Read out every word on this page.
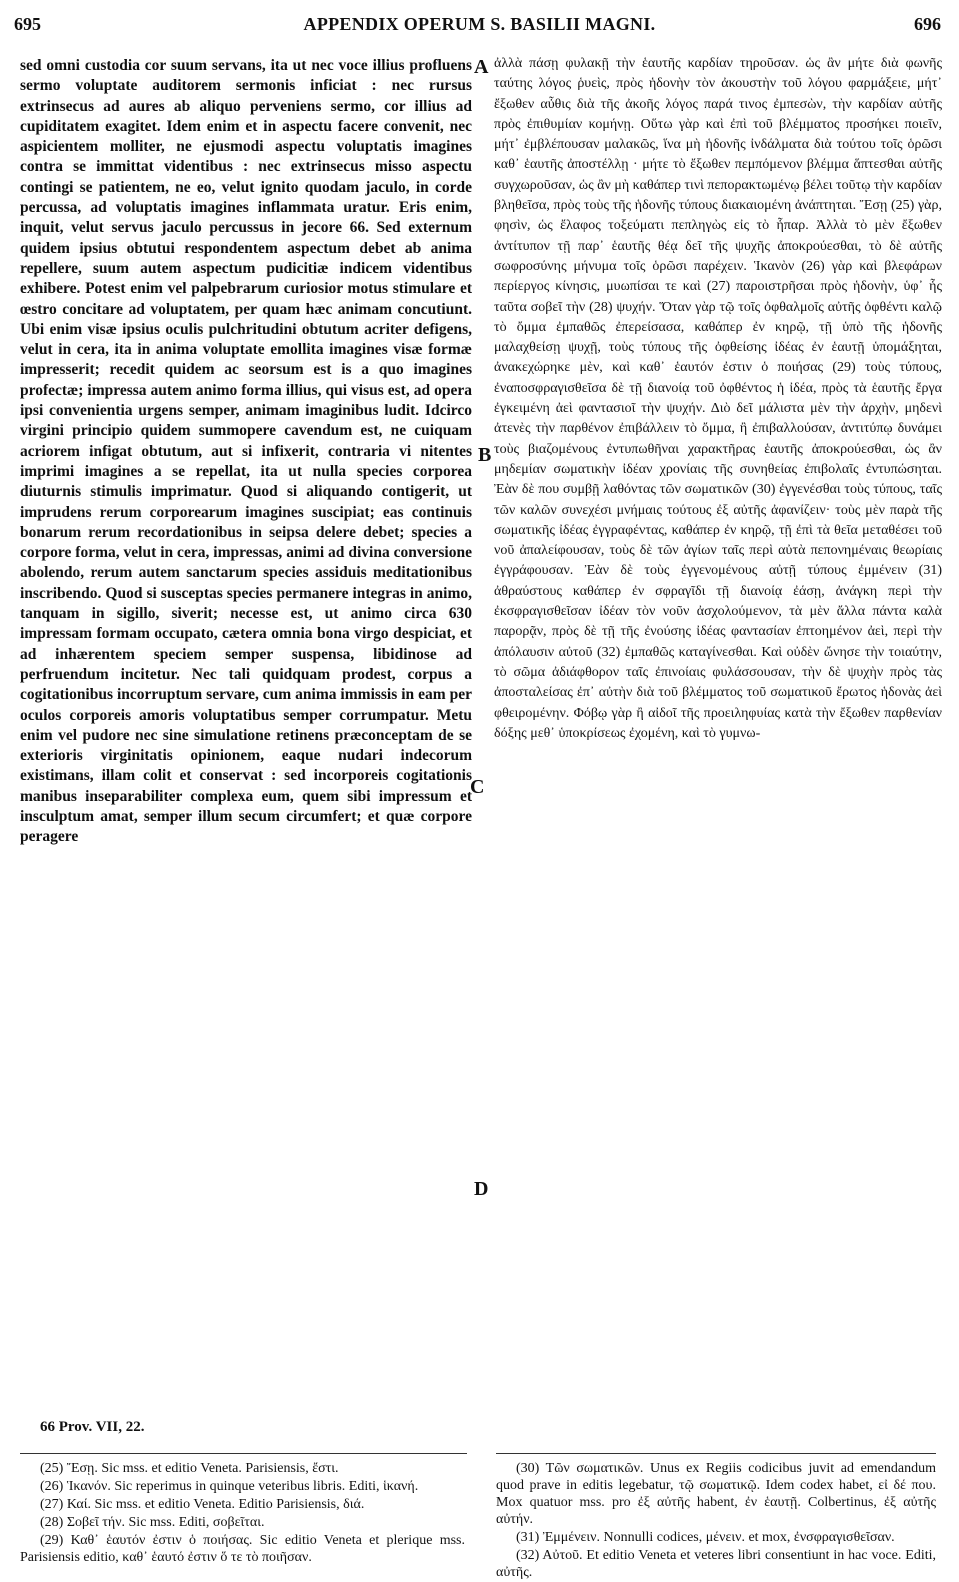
695	APPENDIX OPERUM S. BASILII MAGNI.	696

sed omni custodia cor suum servans, ita ut nec voce illius profluens sermo voluptate auditorem sermonis inficiat : nec rursus extrinsecus ad aures ab aliquo perveniens sermo, cor illius ad cupiditatem exagitet. Idem enim et in aspectu facere convenit, nec aspicientem molliter, ne ejusmodi aspectu voluptatis imagines contra se immittat videntibus : nec extrinsecus misso aspectu contingi se patientem, ne eo, velut ignito quodam jaculo, in corde percussa, ad voluptatis imagines inflammata uratur. Eris enim, inquit, velut servus jaculo percussus in jecore 66. Sed externum quidem ipsius obtutui respondentem aspectum debet ab anima repellere, suum autem aspectum pudicitiæ indicem videntibus exhibere. Potest enim vel palpebrarum curiosior motus stimulare et œstro concitare ad voluptatem, per quam hæc animam concutiunt. Ubi enim visæ ipsius oculis pulchritudini obtutum acriter defigens, velut in cera, ita in anima voluptate emollita imagines visæ formæ impresserit; recedit quidem ac seorsum est is a quo imagines profectæ; impressa autem animo forma illius, qui visus est, ad opera ipsi convenientia urgens semper, animam imaginibus ludit. Idcirco virgini principio quidem summopere cavendum est, ne cuiquam acriorem infigat obtutum, aut si infixerit, contraria vi nitentes imprimi imagines a se repellat, ita ut nulla species corporea diuturnis stimulis imprimatur. Quod si aliquando contigerit, ut imprudens rerum corporearum imagines suscipiat; eas continuis bonarum rerum recordationibus in seipsa delere debet; species a corpore forma, velut in cera, impressas, animi ad divina conversione abolendo, rerum autem sanctarum species assiduis meditationibus inscribendo. Quod si susceptas species permanere integras in animo, tanquam in sigillo, siverit; necesse est, ut animo circa 630 impressam formam occupato, cætera omnia bona virgo despiciat, et ad inhærentem speciem semper suspensa, libidinose ad perfruendum incitetur. Nec tali quidquam prodest, corpus a cogitationibus incorruptum servare, cum anima immissis in eam per oculos corporeis amoris voluptatibus semper corrumpatur. Metu enim vel pudore nec sine simulatione retinens præconceptam de se exterioris virginitatis opinionem, eaque nudari indecorum existimans, illam colit et conservat : sed incorporeis cogitationis manibus inseparabiliter complexa eum, quem sibi impressum et insculptum amat, semper illum secum circumfert; et quæ corpore peragere

A
B
C
D

ἀλλὰ πάσῃ φυλακῇ τὴν ἑαυτῆς καρδίαν τηροῦσαν. ὡς ἂν μήτε διὰ φωνῆς ταύτης λόγος ῥυεὶς, πρὸς ἡδονὴν τὸν ἀκουστὴν τοῦ λόγου φαρμάξειε, μήτ᾽ ἔξωθεν αὖθις διὰ τῆς ἀκοῆς λόγος παρά τινος ἐμπεσὼν, τὴν καρδίαν αὐτῆς πρὸς ἐπιθυμίαν κομήνῃ. Οὕτω γὰρ καὶ ἐπὶ τοῦ βλέμματος προσήκει ποιεῖν, μήτ᾽ ἐμβλέπουσαν μαλακῶς, ἵνα μὴ ἡδονῆς ἰνδάλματα διὰ τούτου τοῖς ὁρῶσι καθ᾽ ἑαυτῆς ἀποστέλλῃ · μήτε τὸ ἔξωθεν πεμπόμενον βλέμμα ἅπτεσθαι αὐτῆς συγχωροῦσαν, ὡς ἂν μὴ καθάπερ τινὶ πεπορακτωμένῳ βέλει τοῦτῳ τὴν καρδίαν βληθεῖσα, πρὸς τοὺς τῆς ἡδονῆς τύπους διακαιομένη ἀνάπτηται. Ἔσῃ (25) γὰρ, φησὶν, ὡς ἔλαφος τοξεύματι πεπληγὼς εἰς τὸ ἧπαρ. Ἀλλὰ τὸ μὲν ἔξωθεν ἀντίτυπον τῇ παρ᾽ ἑαυτῆς θέᾳ δεῖ τῆς ψυχῆς ἀποκρούεσθαι, τὸ δὲ αὐτῆς σωφροσύνης μήνυμα τοῖς ὁρῶσι παρέχειν. Ἱκανὸν (26) γὰρ καὶ βλεφάρων περίεργος κίνησις, μυωπίσαι τε καὶ (27) παροιστρῆσαι πρὸς ἡδονὴν, ὑφ᾽ ἧς ταῦτα σοβεῖ τὴν (28) ψυχήν. Ὅταν γὰρ τῷ τοῖς ὀφθαλμοῖς αὐτῆς ὀφθέντι καλῷ τὸ ὄμμα ἐμπαθῶς ἐπερείσασα, καθάπερ ἐν κηρῷ, τῇ ὑπὸ τῆς ἡδονῆς μαλαχθείσῃ ψυχῇ, τοὺς τύπους τῆς ὀφθείσης ἰδέας ἐν ἑαυτῇ ὑπομάξηται, ἀνακεχώρηκε μὲν, καὶ καθ᾽ ἑαυτόν ἐστιν ὁ ποιήσας (29) τοὺς τύπους, ἐναποσφραγισθεῖσα δὲ τῇ διανοίᾳ τοῦ ὀφθέντος ἡ ἰδέα, πρὸς τὰ ἑαυτῆς ἔργα ἐγκειμένη ἀεὶ φαντασιοῖ τὴν ψυχήν. Διὸ δεῖ μάλιστα μὲν τὴν ἀρχὴν, μηδενὶ ἀτενὲς τὴν παρθένον ἐπιβάλλειν τὸ ὄμμα, ἢ ἐπιβαλλούσαν, ἀντιτύπῳ δυνάμει τοὺς βιαζομένους ἐντυπωθῆναι χαρακτῆρας ἑαυτῆς ἀποκρούεσθαι, ὡς ἂν μηδεμίαν σωματικὴν ἰδέαν χρονίαις τῆς συνηθείας ἐπιβολαῖς ἐντυπώσηται. Ἐὰν δὲ που συμβῇ λαθόντας τῶν σωματικῶν (30) ἐγγενέσθαι τοὺς τύπους, ταῖς τῶν καλῶν συνεχέσι μνήμαις τούτους ἐξ αὐτῆς ἀφανίζειν· τοὺς μὲν παρὰ τῆς σωματικῆς ἰδέας ἐγγραφέντας, καθάπερ ἐν κηρῷ, τῇ ἐπὶ τὰ θεῖα μεταθέσει τοῦ νοῦ ἀπαλείφουσαν, τοὺς δὲ τῶν ἁγίων ταῖς περὶ αὐτὰ πεπονημέναις θεωρίαις ἐγγράφουσαν. Ἐὰν δὲ τοὺς ἐγγενομένους αὐτῇ τύπους ἐμμένειν (31) ἀθραύστους καθάπερ ἐν σφραγῖδι τῇ διανοίᾳ ἐάσῃ, ἀνάγκη περὶ τὴν ἐκσφραγισθεῖσαν ἰδέαν τὸν νοῦν ἀσχολούμενον, τὰ μὲν ἄλλα πάντα καλὰ παρορᾷν, πρὸς δὲ τῇ τῆς ἐνούσης ἰδέας φαντασίαν ἐπτοημένον ἀεὶ, περὶ τὴν ἀπόλαυσιν αὐτοῦ (32) ἐμπαθῶς καταγίνεσθαι. Καὶ οὐδὲν ὤνησε τὴν τοιαύτην, τὸ σῶμα ἀδιάφθορον ταῖς ἐπινοίαις φυλάσσουσαν, τὴν δὲ ψυχὴν πρὸς τὰς ἀποσταλείσας ἐπ᾽ αὐτὴν διὰ τοῦ βλέμματος τοῦ σωματικοῦ ἔρωτος ἡδονὰς ἀεὶ φθειρομένην. Φόβῳ γὰρ ἢ αἰδοῖ τῆς προειληφυίας κατὰ τὴν ἔξωθεν παρθενίαν δόξης μεθ᾽ ὑποκρίσεως ἐχομένη, καὶ τὸ γυμνω-

66 Prov. VII, 22.

(25) Ἔσῃ. Sic mss. et editio Veneta. Parisiensis, ἔστι.

(26) Ἱκανόν. Sic reperimus in quinque veteribus libris. Editi, ἱκανή.

(27) Καί. Sic mss. et editio Veneta. Editio Parisiensis, διά.

(28) Σοβεῖ τήν. Sic mss. Editi, σοβεῖται.

(29) Καθ᾽ ἑαυτόν ἐστιν ὁ ποιήσας. Sic editio Veneta et plerique mss. Parisiensis editio, καθ᾽ ἑαυτό ἐστιν ὅ τε τὸ ποιῆσαν.

(30) Τῶν σωματικῶν. Unus ex Regiis codicibus juvit ad emendandum quod prave in editis legebatur, τῷ σωματικῷ. Idem codex habet, εἰ δέ που. Mox quatuor mss. pro ἐξ αὐτῆς habent, ἐν ἑαυτῇ. Colbertinus, ἐξ αὐτῆς αὐτήν.

(31) Ἐμμένειν. Nonnulli codices, μένειν. et mox, ἐνσφραγισθεῖσαν.

(32) Αὐτοῦ. Et editio Veneta et veteres libri consentiunt in hac voce. Editi, αὐτῆς.
